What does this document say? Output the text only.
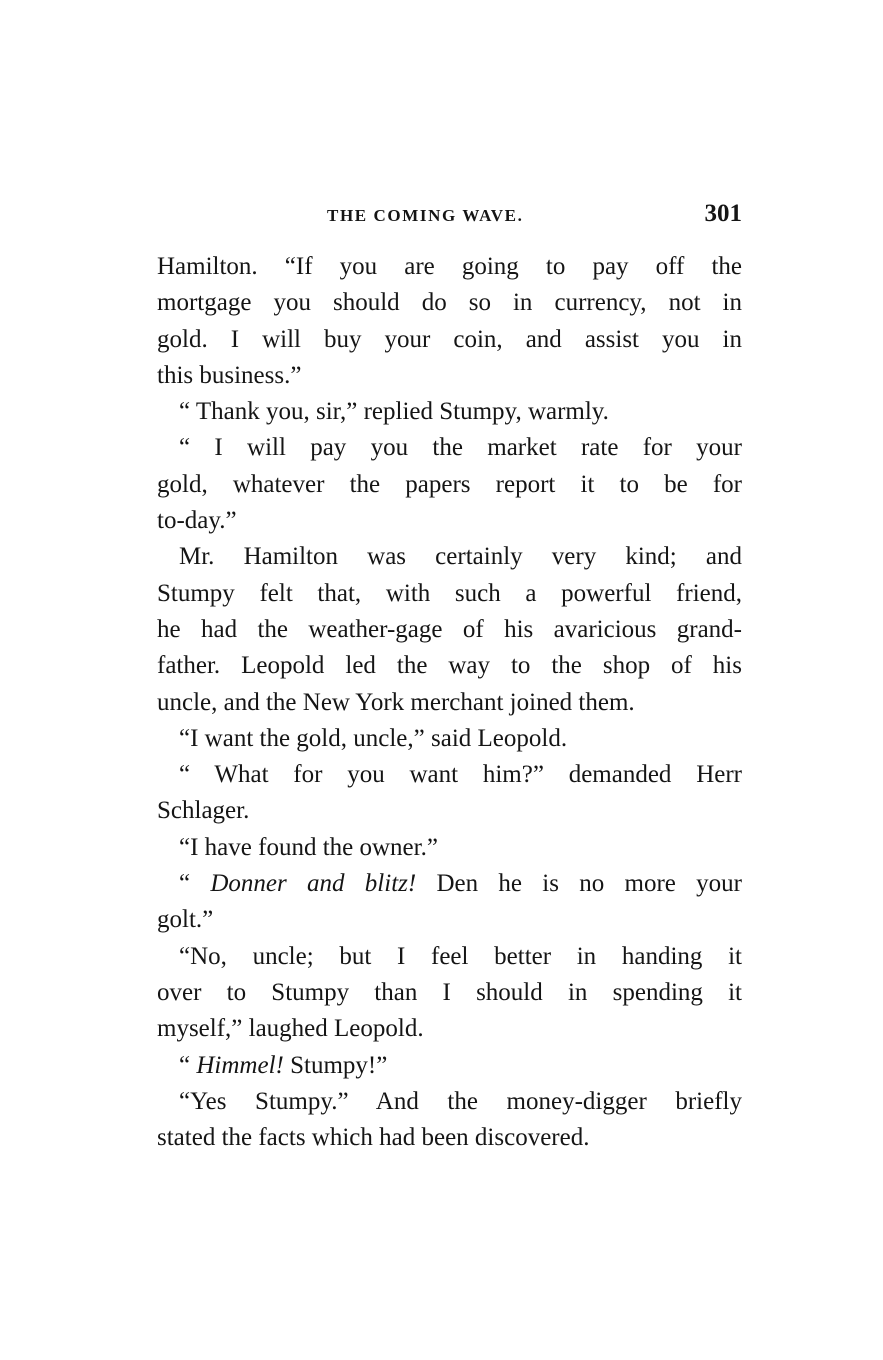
THE COMING WAVE.	301
Hamilton. “If you are going to pay off the
mortgage you should do so in currency, not in
gold. I will buy your coin, and assist you in
this business.”
“ Thank you, sir,” replied Stumpy, warmly.
“ I will pay you the market rate for your
gold, whatever the papers report it to be for
to-day.”
Mr. Hamilton was certainly very kind; and
Stumpy felt that, with such a powerful friend,
he had the weather-gage of his avaricious grand-
father. Leopold led the way to the shop of his
uncle, and the New York merchant joined them.
“I want the gold, uncle,” said Leopold.
“ What for you want him?” demanded Herr
Schlager.
“I have found the owner.”
“ Donner and blitz! Den he is no more your
golt.”
“No, uncle; but I feel better in handing it
over to Stumpy than I should in spending it
myself,” laughed Leopold.
“ Himmel! Stumpy!”
“Yes Stumpy.” And the money-digger briefly
stated the facts which had been discovered.
